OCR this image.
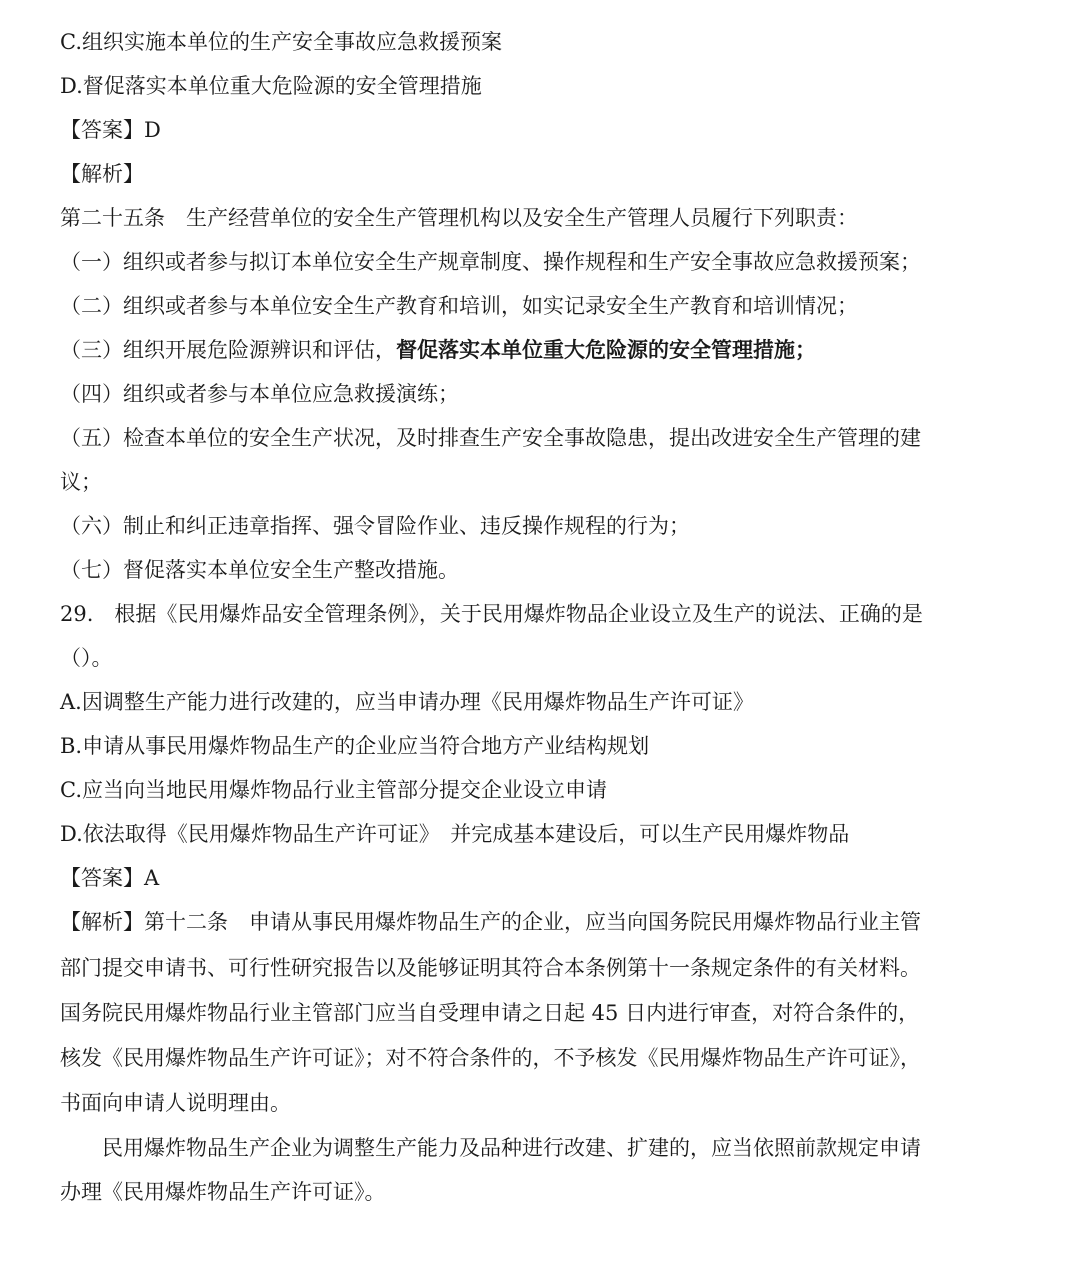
C.组织实施本单位的生产安全事故应急救援预案
D.督促落实本单位重大危险源的安全管理措施
【答案】D
【解析】
第二十五条　生产经营单位的安全生产管理机构以及安全生产管理人员履行下列职责：
（一）组织或者参与拟订本单位安全生产规章制度、操作规程和生产安全事故应急救援预案；
（二）组织或者参与本单位安全生产教育和培训，如实记录安全生产教育和培训情况；
（三）组织开展危险源辨识和评估，督促落实本单位重大危险源的安全管理措施；
（四）组织或者参与本单位应急救援演练；
（五）检查本单位的安全生产状况，及时排查生产安全事故隐患，提出改进安全生产管理的建
议；
（六）制止和纠正违章指挥、强令冒险作业、违反操作规程的行为；
（七）督促落实本单位安全生产整改措施。
29.　根据《民用爆炸品安全管理条例》，关于民用爆炸物品企业设立及生产的说法、正确的是
（）。
A.因调整生产能力进行改建的，应当申请办理《民用爆炸物品生产许可证》
B.申请从事民用爆炸物品生产的企业应当符合地方产业结构规划
C.应当向当地民用爆炸物品行业主管部分提交企业设立申请
D.依法取得《民用爆炸物品生产许可证》　并完成基本建设后，可以生产民用爆炸物品
【答案】A
【解析】第十二条　申请从事民用爆炸物品生产的企业，应当向国务院民用爆炸物品行业主管
部门提交申请书、可行性研究报告以及能够证明其符合本条例第十一条规定条件的有关材料。
国务院民用爆炸物品行业主管部门应当自受理申请之日起 45 日内进行审查，对符合条件的，
核发《民用爆炸物品生产许可证》；对不符合条件的，不予核发《民用爆炸物品生产许可证》，
书面向申请人说明理由。
　　民用爆炸物品生产企业为调整生产能力及品种进行改建、扩建的，应当依照前款规定申请
办理《民用爆炸物品生产许可证》。
